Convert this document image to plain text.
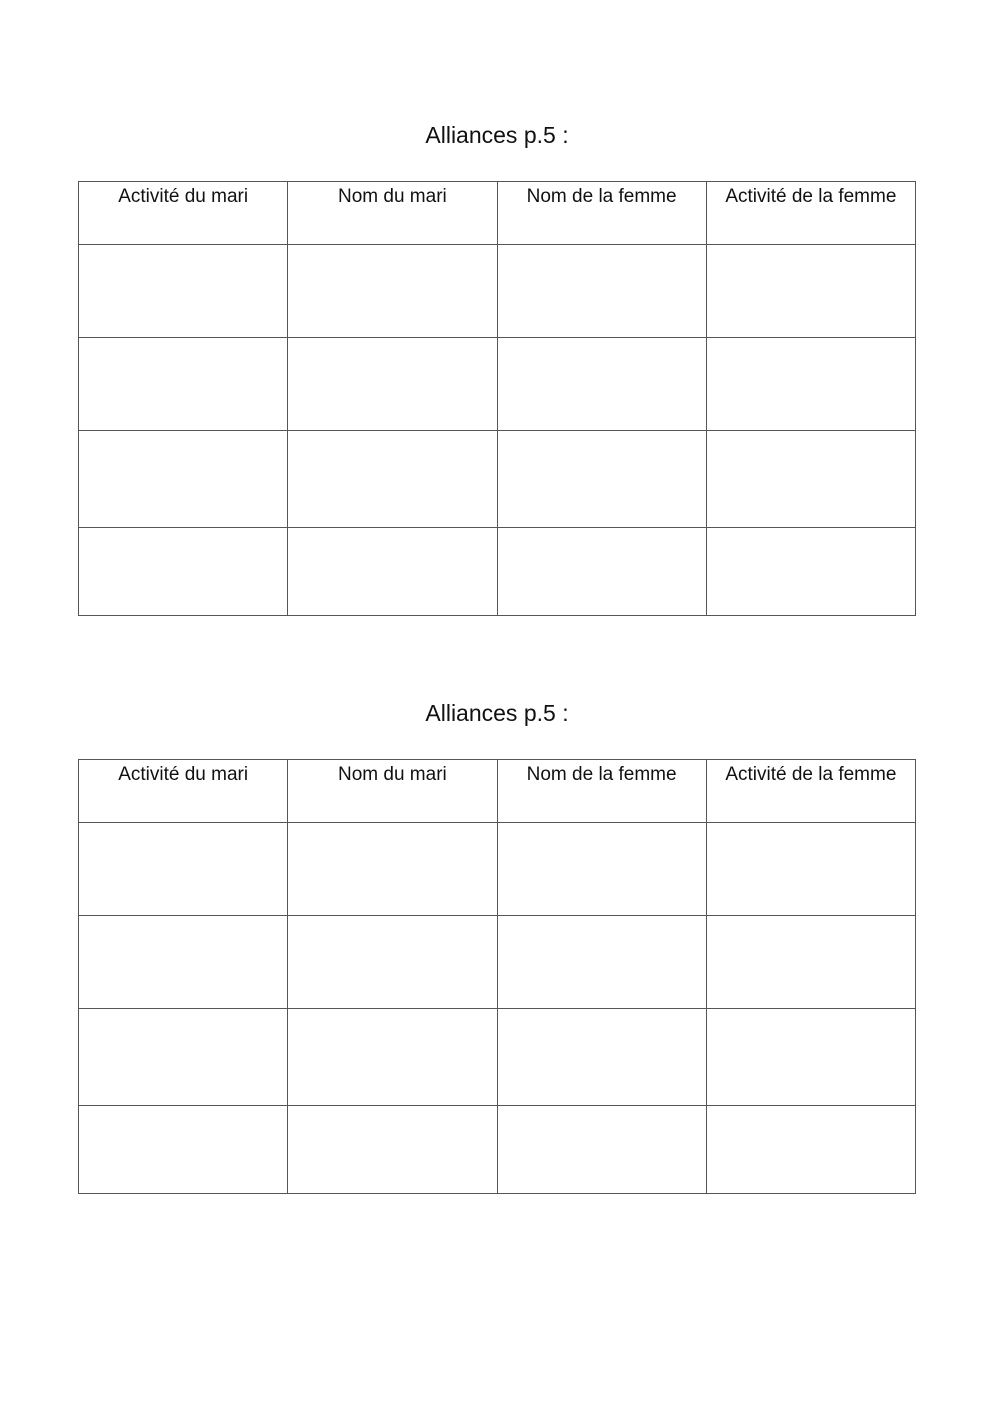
Alliances p.5 :
Activité du mari	Nom du mari	Nom de la femme	Activité de la femme

Alliances p.5 :
Activité du mari	Nom du mari	Nom de la femme	Activité de la femme
